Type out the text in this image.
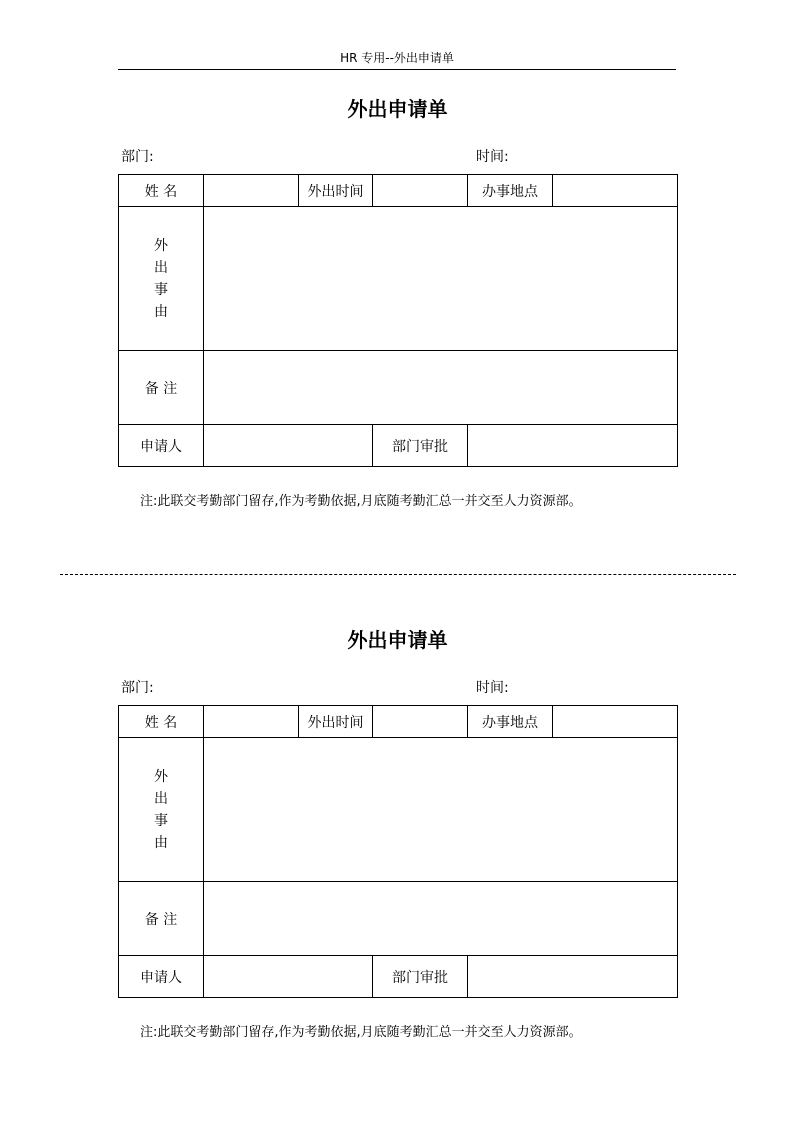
HR 专用--外出申请单
外出申请单
部门:	时间:
姓 名		外出时间		办事地点	

外
出
事
由					

备 注					
申请人			部门审批		
注:此联交考勤部门留存,作为考勤依据,月底随考勤汇总一并交至人力资源部。
外出申请单
部门:	时间:
姓 名		外出时间		办事地点	

外
出
事
由					

备 注					
申请人			部门审批		
注:此联交考勤部门留存,作为考勤依据,月底随考勤汇总一并交至人力资源部。
